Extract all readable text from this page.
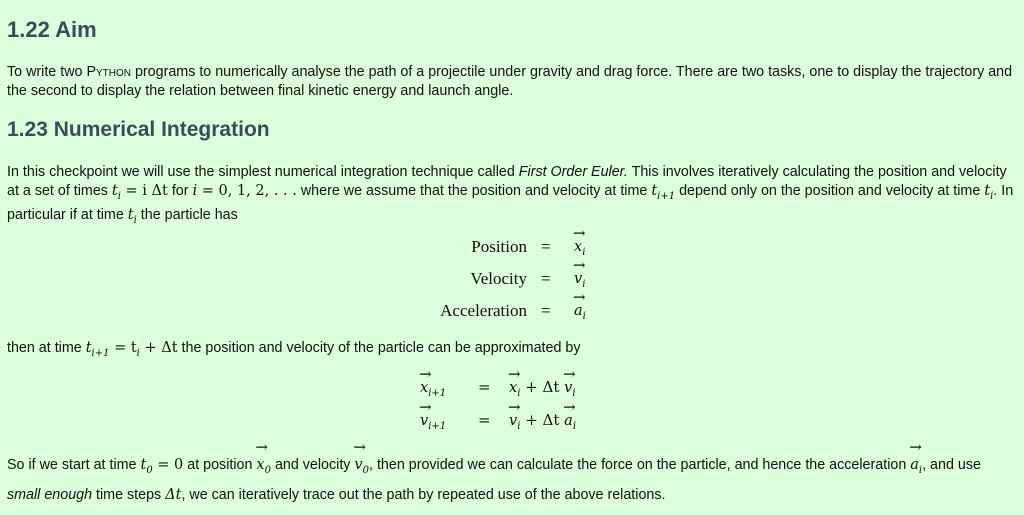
1.22 Aim

To write two Python programs to numerically analyse the path of a projectile under gravity and drag force. There are two tasks, one to display the trajectory and the second to display the relation between final kinetic energy and launch angle.

1.23 Numerical Integration

In this checkpoint we will use the simplest numerical integration technique called First Order Euler. This involves iteratively calculating the position and velocity at a set of times $t_i = i$ Δt for i = 0, 1, 2, . . . where we assume that the position and velocity at time $t_{i+1}$ depend only on the position and velocity at time $t_i$. In particular if at time $t_i$ the particle has

Position = → $x_i$
Velocity = → $v_i$
Acceleration = → $a_i$

then at time $t_{i+1} = t_i + \Delta t$ the position and velocity of the particle can be approximated by

→ $x_{i+1}$	= → $x_i + \Delta t \to v_i$
→ $v_{i+1}$	= → $v_i + \Delta t \to a_i$

So if we start at time $t_0 = 0$ at position → $x_0$ and velocity → $v_0$, then provided we can calculate the force on the particle, and hence the acceleration → $a_i$, and use small enough time steps Δt, we can iteratively trace out the path by repeated use of the above relations.
